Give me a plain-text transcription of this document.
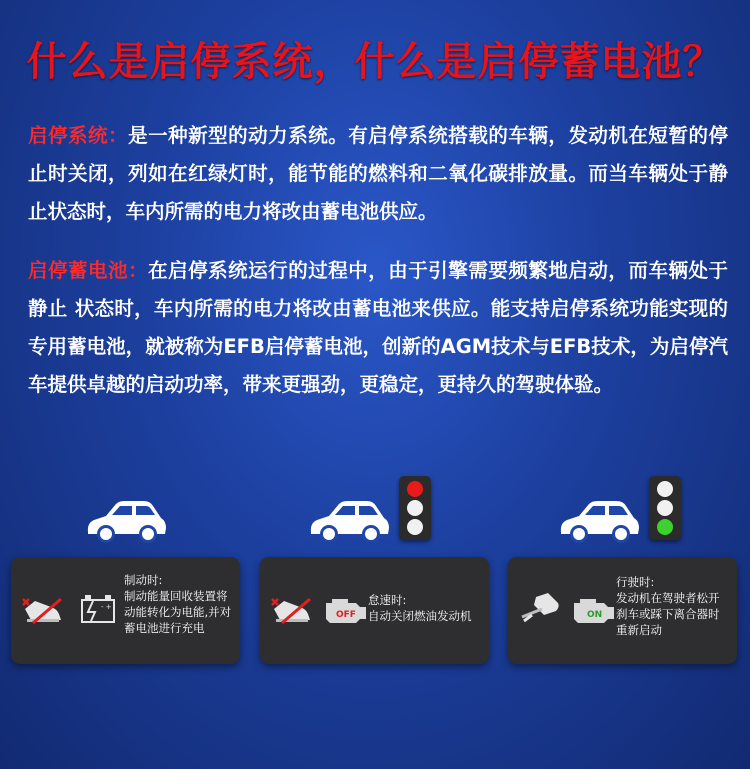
什么是启停系统，什么是启停蓄电池？
启停系统：是一种新型的动力系统。有启停系统搭载的车辆，发动机在短暂的停止时关闭，列如在红绿灯时，能节能的燃料和二氧化碳排放量。而当车辆处于静止状态时，车内所需的电力将改由蓄电池供应。
启停蓄电池：在启停系统运行的过程中，由于引擎需要频繁地启动，而车辆处于静止 状态时，车内所需的电力将改由蓄电池来供应。能支持启停系统功能实现的专用蓄电池，就被称为EFB启停蓄电池，创新的AGM技术与EFB技术，为启停汽车提供卓越的启动功率，带来更强劲，更稳定，更持久的驾驶体验。
- +
制动时:
制动能量回收装置将
动能转化为电能,并对
蓄电池进行充电
OFF
怠速时:
自动关闭燃油发动机	ON
行驶时:
发动机在驾驶者松开
刹车或踩下离合器时
重新启动
